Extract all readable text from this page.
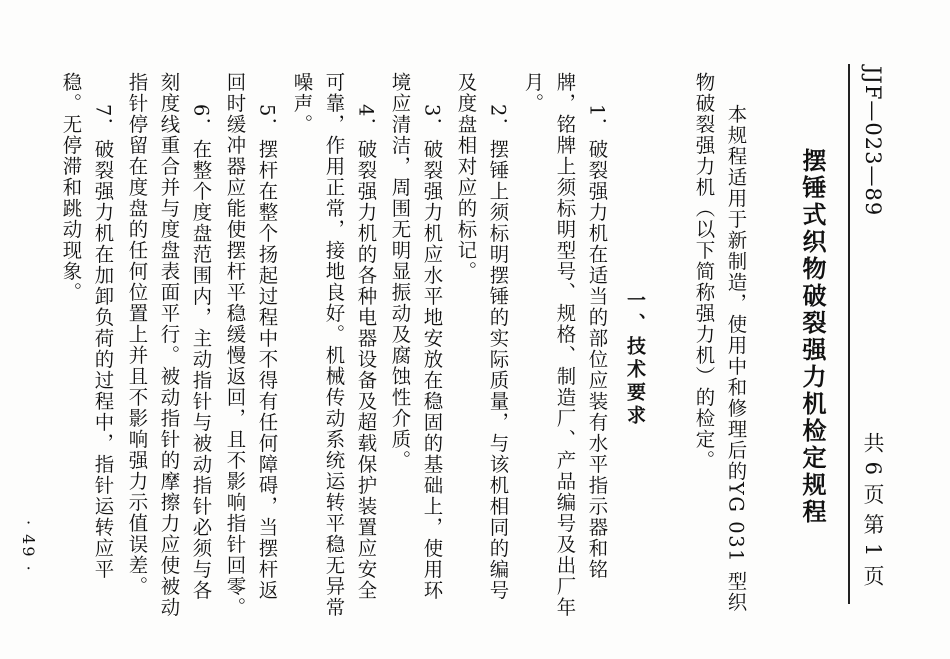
JJF—023—89
共 6 页 第 1 页
摆锤式织物破裂强力机检定规程
本规程适用于新制造，使用中和修理后的YG 031 型织
物破裂强力机（以下简称强力机）的检定。
一、技术要求
1．破裂强力机在适当的部位应装有水平指示器和铭
牌，铭牌上须标明型号、规格、制造厂、产品编号及出厂年
月。
2．摆锤上须标明摆锤的实际质量，与该机相同的编号
及度盘相对应的标记。
3．破裂强力机应水平地安放在稳固的基础上，使用环
境应清洁，周围无明显振动及腐蚀性介质。
4．破裂强力机的各种电器设备及超载保护装置应安全
可靠，作用正常，接地良好。机械传动系统运转平稳无异常
噪声。
5．摆杆在整个扬起过程中不得有任何障碍，当摆杆返
回时缓冲器应能使摆杆平稳缓慢返回，且不影响指针回零。
6．在整个度盘范围内，主动指针与被动指针必须与各
刻度线重合并与度盘表面平行。被动指针的摩擦力应使被动
指针停留在度盘的任何位置上并且不影响强力示值误差。
7．破裂强力机在加卸负荷的过程中，指针运转应平
稳。无停滞和跳动现象。
· 49 ·
